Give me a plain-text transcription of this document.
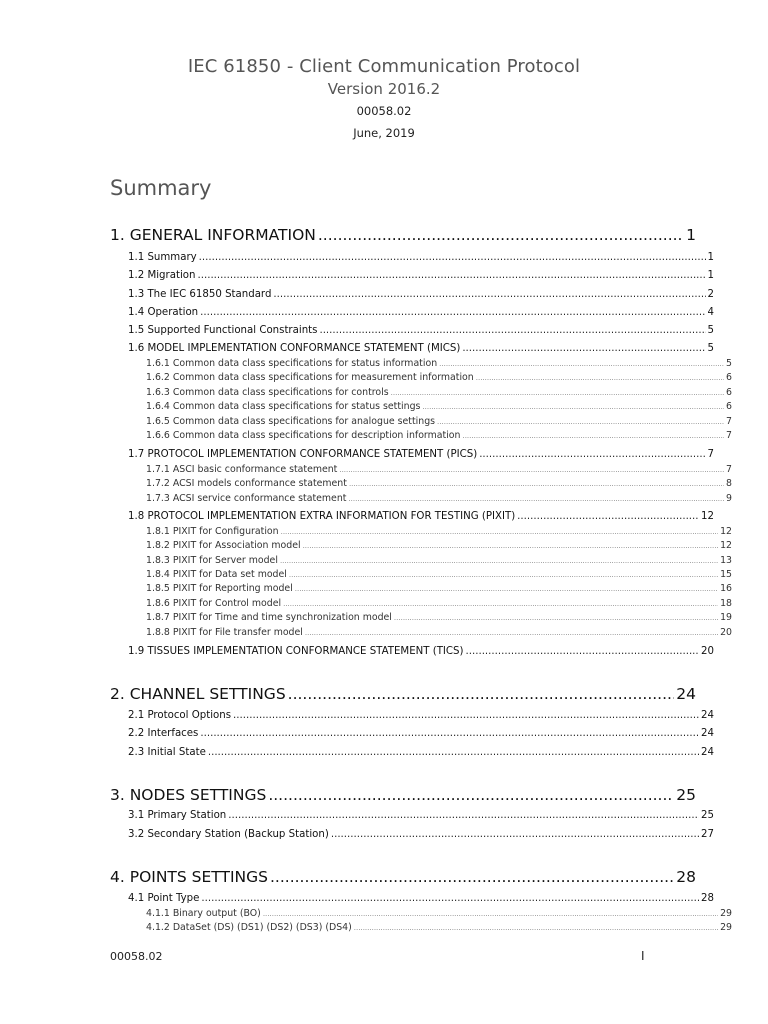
IEC 61850 - Client Communication Protocol
Version 2016.2
00058.02
June, 2019
Summary
1. GENERAL INFORMATION .....	1
1.1 Summary .....	1
1.2 Migration .....	1
1.3 The IEC 61850 Standard .....	2
1.4 Operation .....	4
1.5 Supported Functional Constraints .....	5
1.6 MODEL IMPLEMENTATION CONFORMANCE STATEMENT (MICS) .....	5
1.6.1 Common data class specifications for status information .....	5
1.6.2 Common data class specifications for measurement information .....	6
1.6.3 Common data class specifications for controls .....	6
1.6.4 Common data class specifications for status settings .....	6
1.6.5 Common data class specifications for analogue settings .....	7
1.6.6 Common data class specifications for description information .....	7
1.7 PROTOCOL IMPLEMENTATION CONFORMANCE STATEMENT (PICS) .....	7
1.7.1 ASCI basic conformance statement .....	7
1.7.2 ACSI models conformance statement .....	8
1.7.3 ACSI service conformance statement .....	9
1.8 PROTOCOL IMPLEMENTATION EXTRA INFORMATION FOR TESTING (PIXIT) .....	12
1.8.1 PIXIT for Configuration .....	12
1.8.2 PIXIT for Association model .....	12
1.8.3 PIXIT for Server model .....	13
1.8.4 PIXIT for Data set model .....	15
1.8.5 PIXIT for Reporting model .....	16
1.8.6 PIXIT for Control model .....	18
1.8.7 PIXIT for Time and time synchronization model .....	19
1.8.8 PIXIT for File transfer model .....	20
1.9 TISSUES IMPLEMENTATION CONFORMANCE STATEMENT (TICS) .....	20
2. CHANNEL SETTINGS .....	24
2.1 Protocol Options .....	24
2.2 Interfaces .....	24
2.3 Initial State .....	24
3. NODES SETTINGS .....	25
3.1 Primary Station .....	25
3.2 Secondary Station (Backup Station) .....	27
4. POINTS SETTINGS .....	28
4.1 Point Type .....	28
4.1.1 Binary output (BO) .....	29
4.1.2 DataSet (DS) (DS1) (DS2) (DS3) (DS4) .....	29
00058.02	I
